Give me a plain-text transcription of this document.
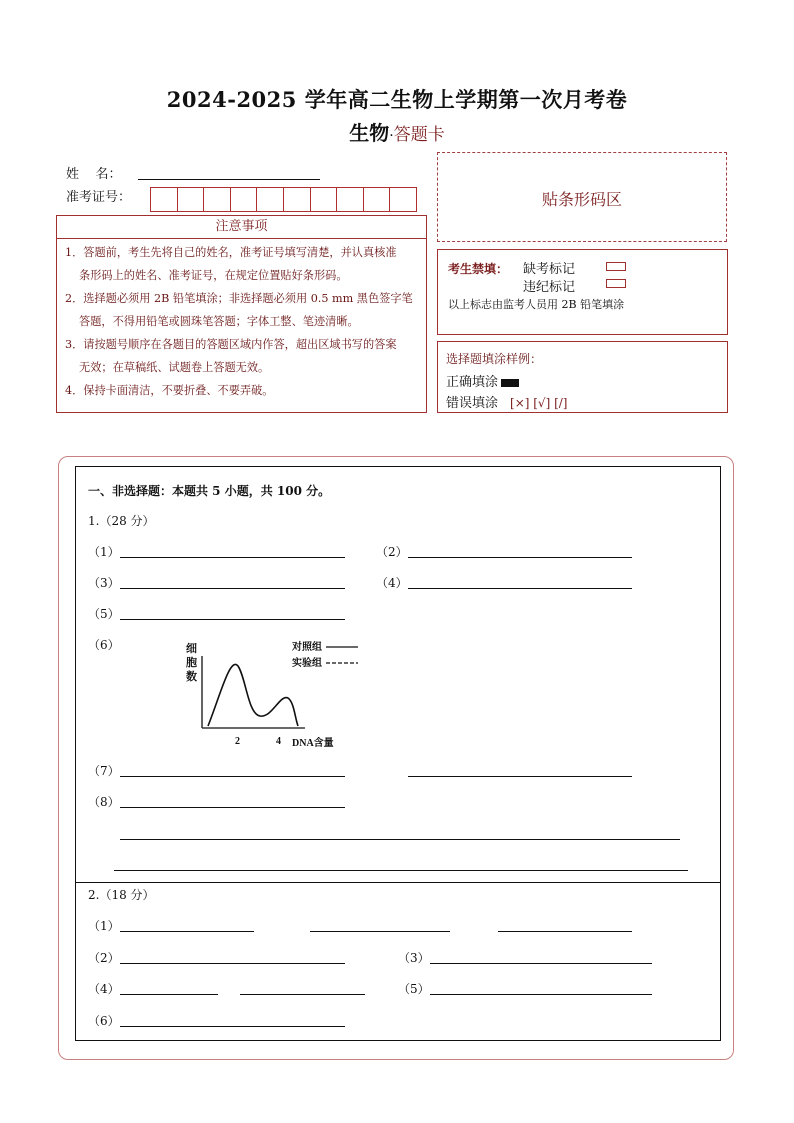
2024-2025 学年高二生物上学期第一次月考卷
生物·答题卡
姓    名：
准考证号：	贴条形码区
注意事项
1．答题前，考生先将自己的姓名，准考证号填写清楚，并认真核准
条形码上的姓名、准考证号，在规定位置贴好条形码。
2．选择题必须用 2B 铅笔填涂；非选择题必须用 0.5 mm 黑色签字笔
答题，不得用铅笔或圆珠笔答题；字体工整、笔迹清晰。
3．请按题号顺序在各题目的答题区域内作答，超出区域书写的答案
无效；在草稿纸、试题卷上答题无效。
4．保持卡面清洁，不要折叠、不要弄破。
考生禁填： 缺考标记
违纪标记
以上标志由监考人员用 2B 铅笔填涂
选择题填涂样例：
正确填涂
错误填涂 [×] [√] [/]
一、非选择题：本题共 5 小题，共 100 分。
1.（28 分）
（1）	（2）
（3）	（4）
（5）
（6）	细
胞
数
对照组
实验组
2	4 DNA含量
（7）
（8）
2.（18 分）
（1）
（2）	（3）
（4）	（5）
（6）
